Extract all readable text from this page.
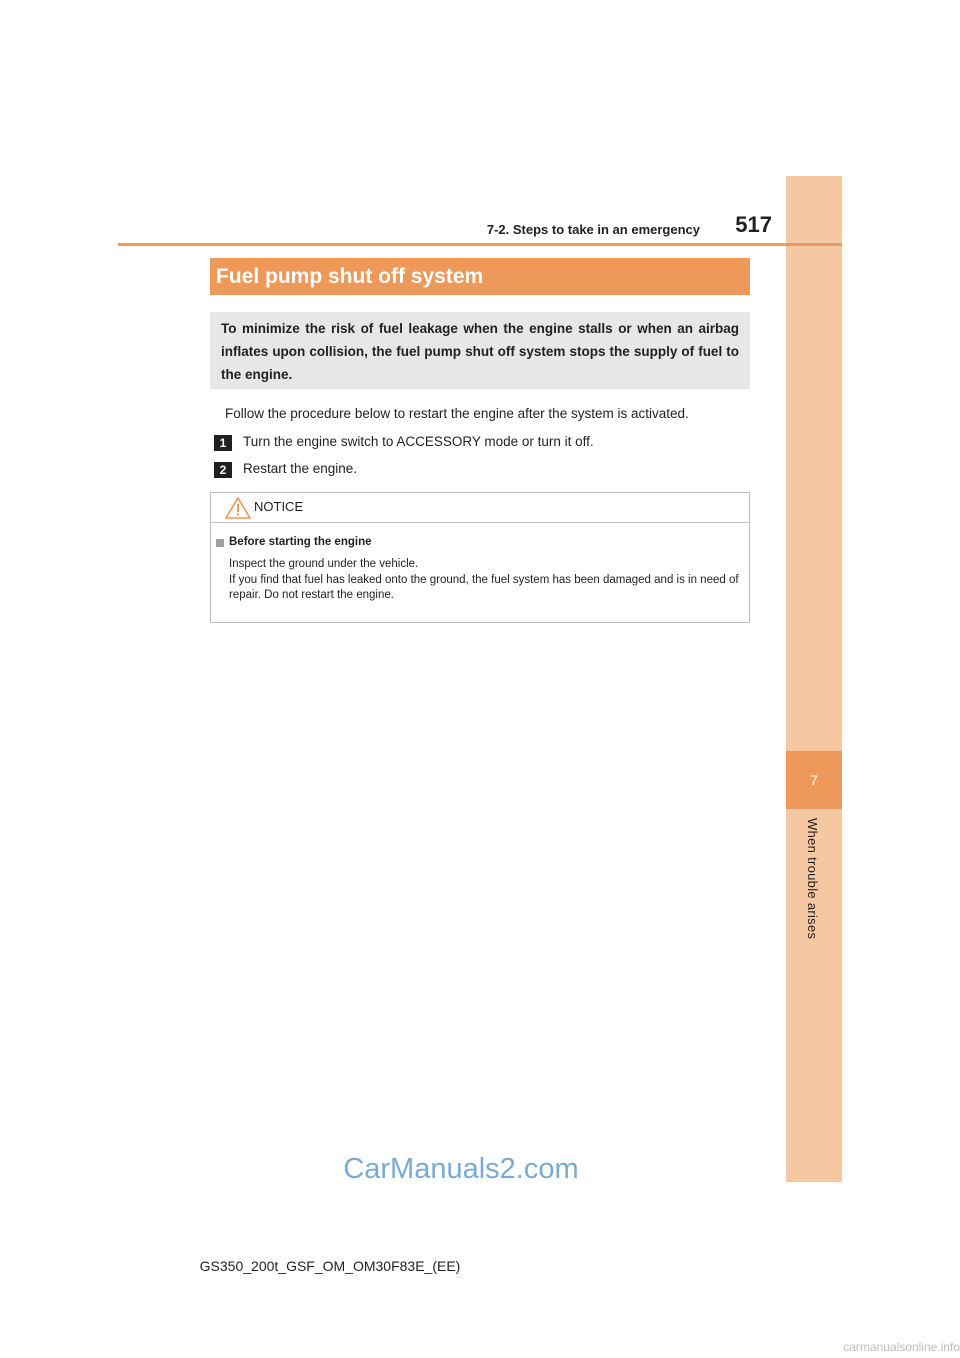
7
When trouble arises
7-2. Steps to take in an emergency	517
Fuel pump shut off system
To minimize the risk of fuel leakage when the engine stalls or when an airbag inflates upon collision, the fuel pump shut off system stops the supply of fuel to the engine.
Follow the procedure below to restart the engine after the system is activated.
1	Turn the engine switch to ACCESSORY mode or turn it off.
2	Restart the engine.
NOTICE
Before starting the engine
Inspect the ground under the vehicle.
If you find that fuel has leaked onto the ground, the fuel system has been damaged and is in need of repair. Do not restart the engine.
CarManuals2.com
GS350_200t_GSF_OM_OM30F83E_(EE)
carmanualsonline.info
